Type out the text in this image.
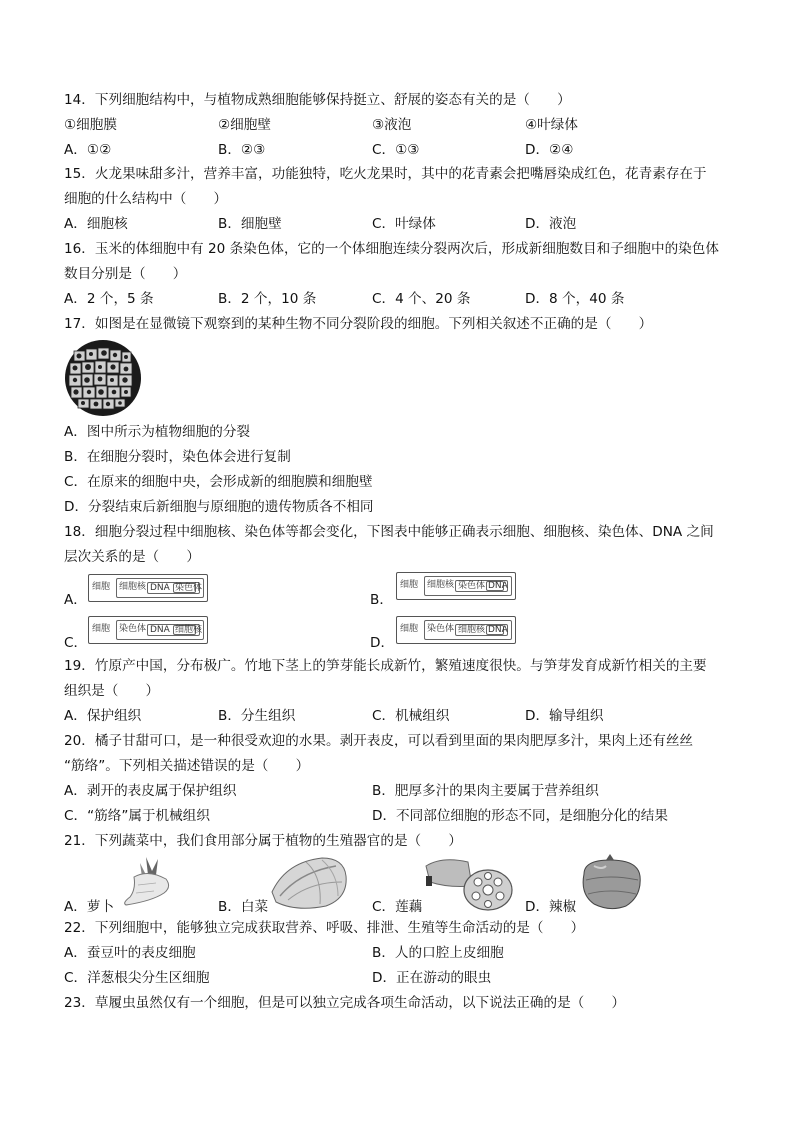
14．下列细胞结构中，与植物成熟细胞能够保持挺立、舒展的姿态有关的是（　　）
①细胞膜	②细胞壁	③液泡	④叶绿体
A．①②	B．②③	C．①③	D．②④
15．火龙果味甜多汁，营养丰富，功能独特，吃火龙果时，其中的花青素会把嘴唇染成红色，花青素存在于
细胞的什么结构中（　　）
A．细胞核	B．细胞壁	C．叶绿体	D．液泡
16．玉米的体细胞中有 20 条染色体，它的一个体细胞连续分裂两次后，形成新细胞数目和子细胞中的染色体
数目分别是（　　）
A．2 个，5 条	B．2 个，10 条	C．4 个、20 条	D．8 个，40 条
17．如图是在显微镜下观察到的某种生物不同分裂阶段的细胞。下列相关叙述不正确的是（　　）
A．图中所示为植物细胞的分裂
B．在细胞分裂时，染色体会进行复制
C．在原来的细胞中央，会形成新的细胞膜和细胞壁
D．分裂结束后新细胞与原细胞的遗传物质各不相同
18．细胞分裂过程中细胞核、染色体等都会变化，下图表中能够正确表示细胞、细胞核、染色体、DNA 之间
层次关系的是（　　）
A．
细胞 细胞核 DNA 染色体
B．
细胞 细胞核 染色体 DNA
C．
细胞 染色体 DNA 细胞核
D．
细胞 染色体 细胞核 DNA
19．竹原产中国，分布极广。竹地下茎上的笋芽能长成新竹，繁殖速度很快。与笋芽发育成新竹相关的主要
组织是（　　）
A．保护组织	B．分生组织	C．机械组织	D．输导组织
20．橘子甘甜可口，是一种很受欢迎的水果。剥开表皮，可以看到里面的果肉肥厚多汁，果肉上还有丝丝
“筋络”。下列相关描述错误的是（　　）
A．剥开的表皮属于保护组织	B．肥厚多汁的果肉主要属于营养组织
C．“筋络”属于机械组织	D．不同部位细胞的形态不同，是细胞分化的结果
21．下列蔬菜中，我们食用部分属于植物的生殖器官的是（　　）
A．萝卜	B．白菜	C．莲藕	D．辣椒
22．下列细胞中，能够独立完成获取营养、呼吸、排泄、生殖等生命活动的是（　　）
A．蚕豆叶的表皮细胞	B．人的口腔上皮细胞
C．洋葱根尖分生区细胞	D．正在游动的眼虫
23．草履虫虽然仅有一个细胞，但是可以独立完成各项生命活动，以下说法正确的是（　　）
